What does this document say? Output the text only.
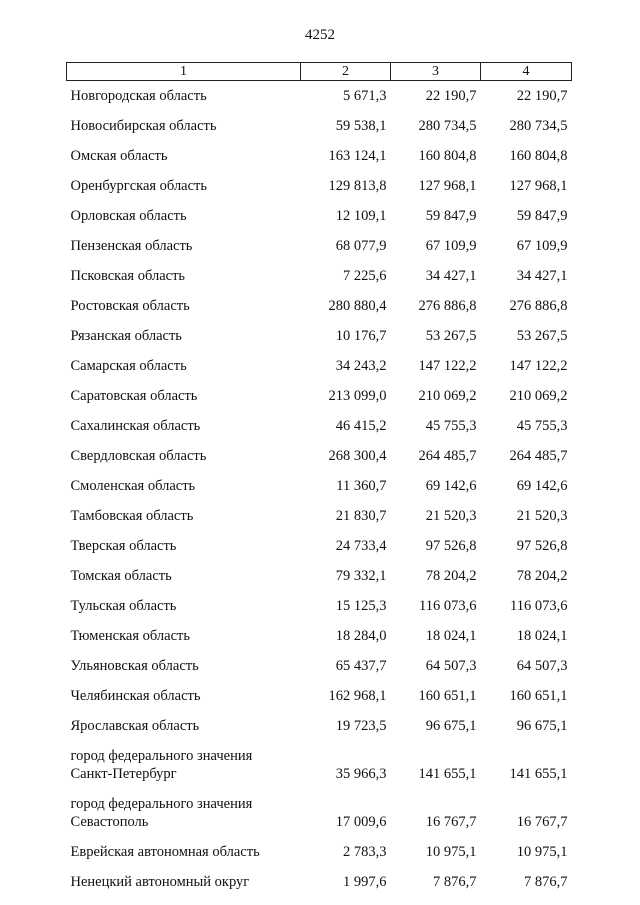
4252
1	2	3	4
Новгородская область	5 671,3	22 190,7	22 190,7
Новосибирская область	59 538,1	280 734,5	280 734,5
Омская область	163 124,1	160 804,8	160 804,8
Оренбургская область	129 813,8	127 968,1	127 968,1
Орловская область	12 109,1	59 847,9	59 847,9
Пензенская область	68 077,9	67 109,9	67 109,9
Псковская область	7 225,6	34 427,1	34 427,1
Ростовская область	280 880,4	276 886,8	276 886,8
Рязанская область	10 176,7	53 267,5	53 267,5
Самарская область	34 243,2	147 122,2	147 122,2
Саратовская область	213 099,0	210 069,2	210 069,2
Сахалинская область	46 415,2	45 755,3	45 755,3
Свердловская область	268 300,4	264 485,7	264 485,7
Смоленская область	11 360,7	69 142,6	69 142,6
Тамбовская область	21 830,7	21 520,3	21 520,3
Тверская область	24 733,4	97 526,8	97 526,8
Томская область	79 332,1	78 204,2	78 204,2
Тульская область	15 125,3	116 073,6	116 073,6
Тюменская область	18 284,0	18 024,1	18 024,1
Ульяновская область	65 437,7	64 507,3	64 507,3
Челябинская область	162 968,1	160 651,1	160 651,1
Ярославская область	19 723,5	96 675,1	96 675,1
город федерального значения
Санкт-Петербург	35 966,3	141 655,1	141 655,1
город федерального значения
Севастополь	17 009,6	16 767,7	16 767,7
Еврейская автономная область	2 783,3	10 975,1	10 975,1
Ненецкий автономный округ	1 997,6	7 876,7	7 876,7
